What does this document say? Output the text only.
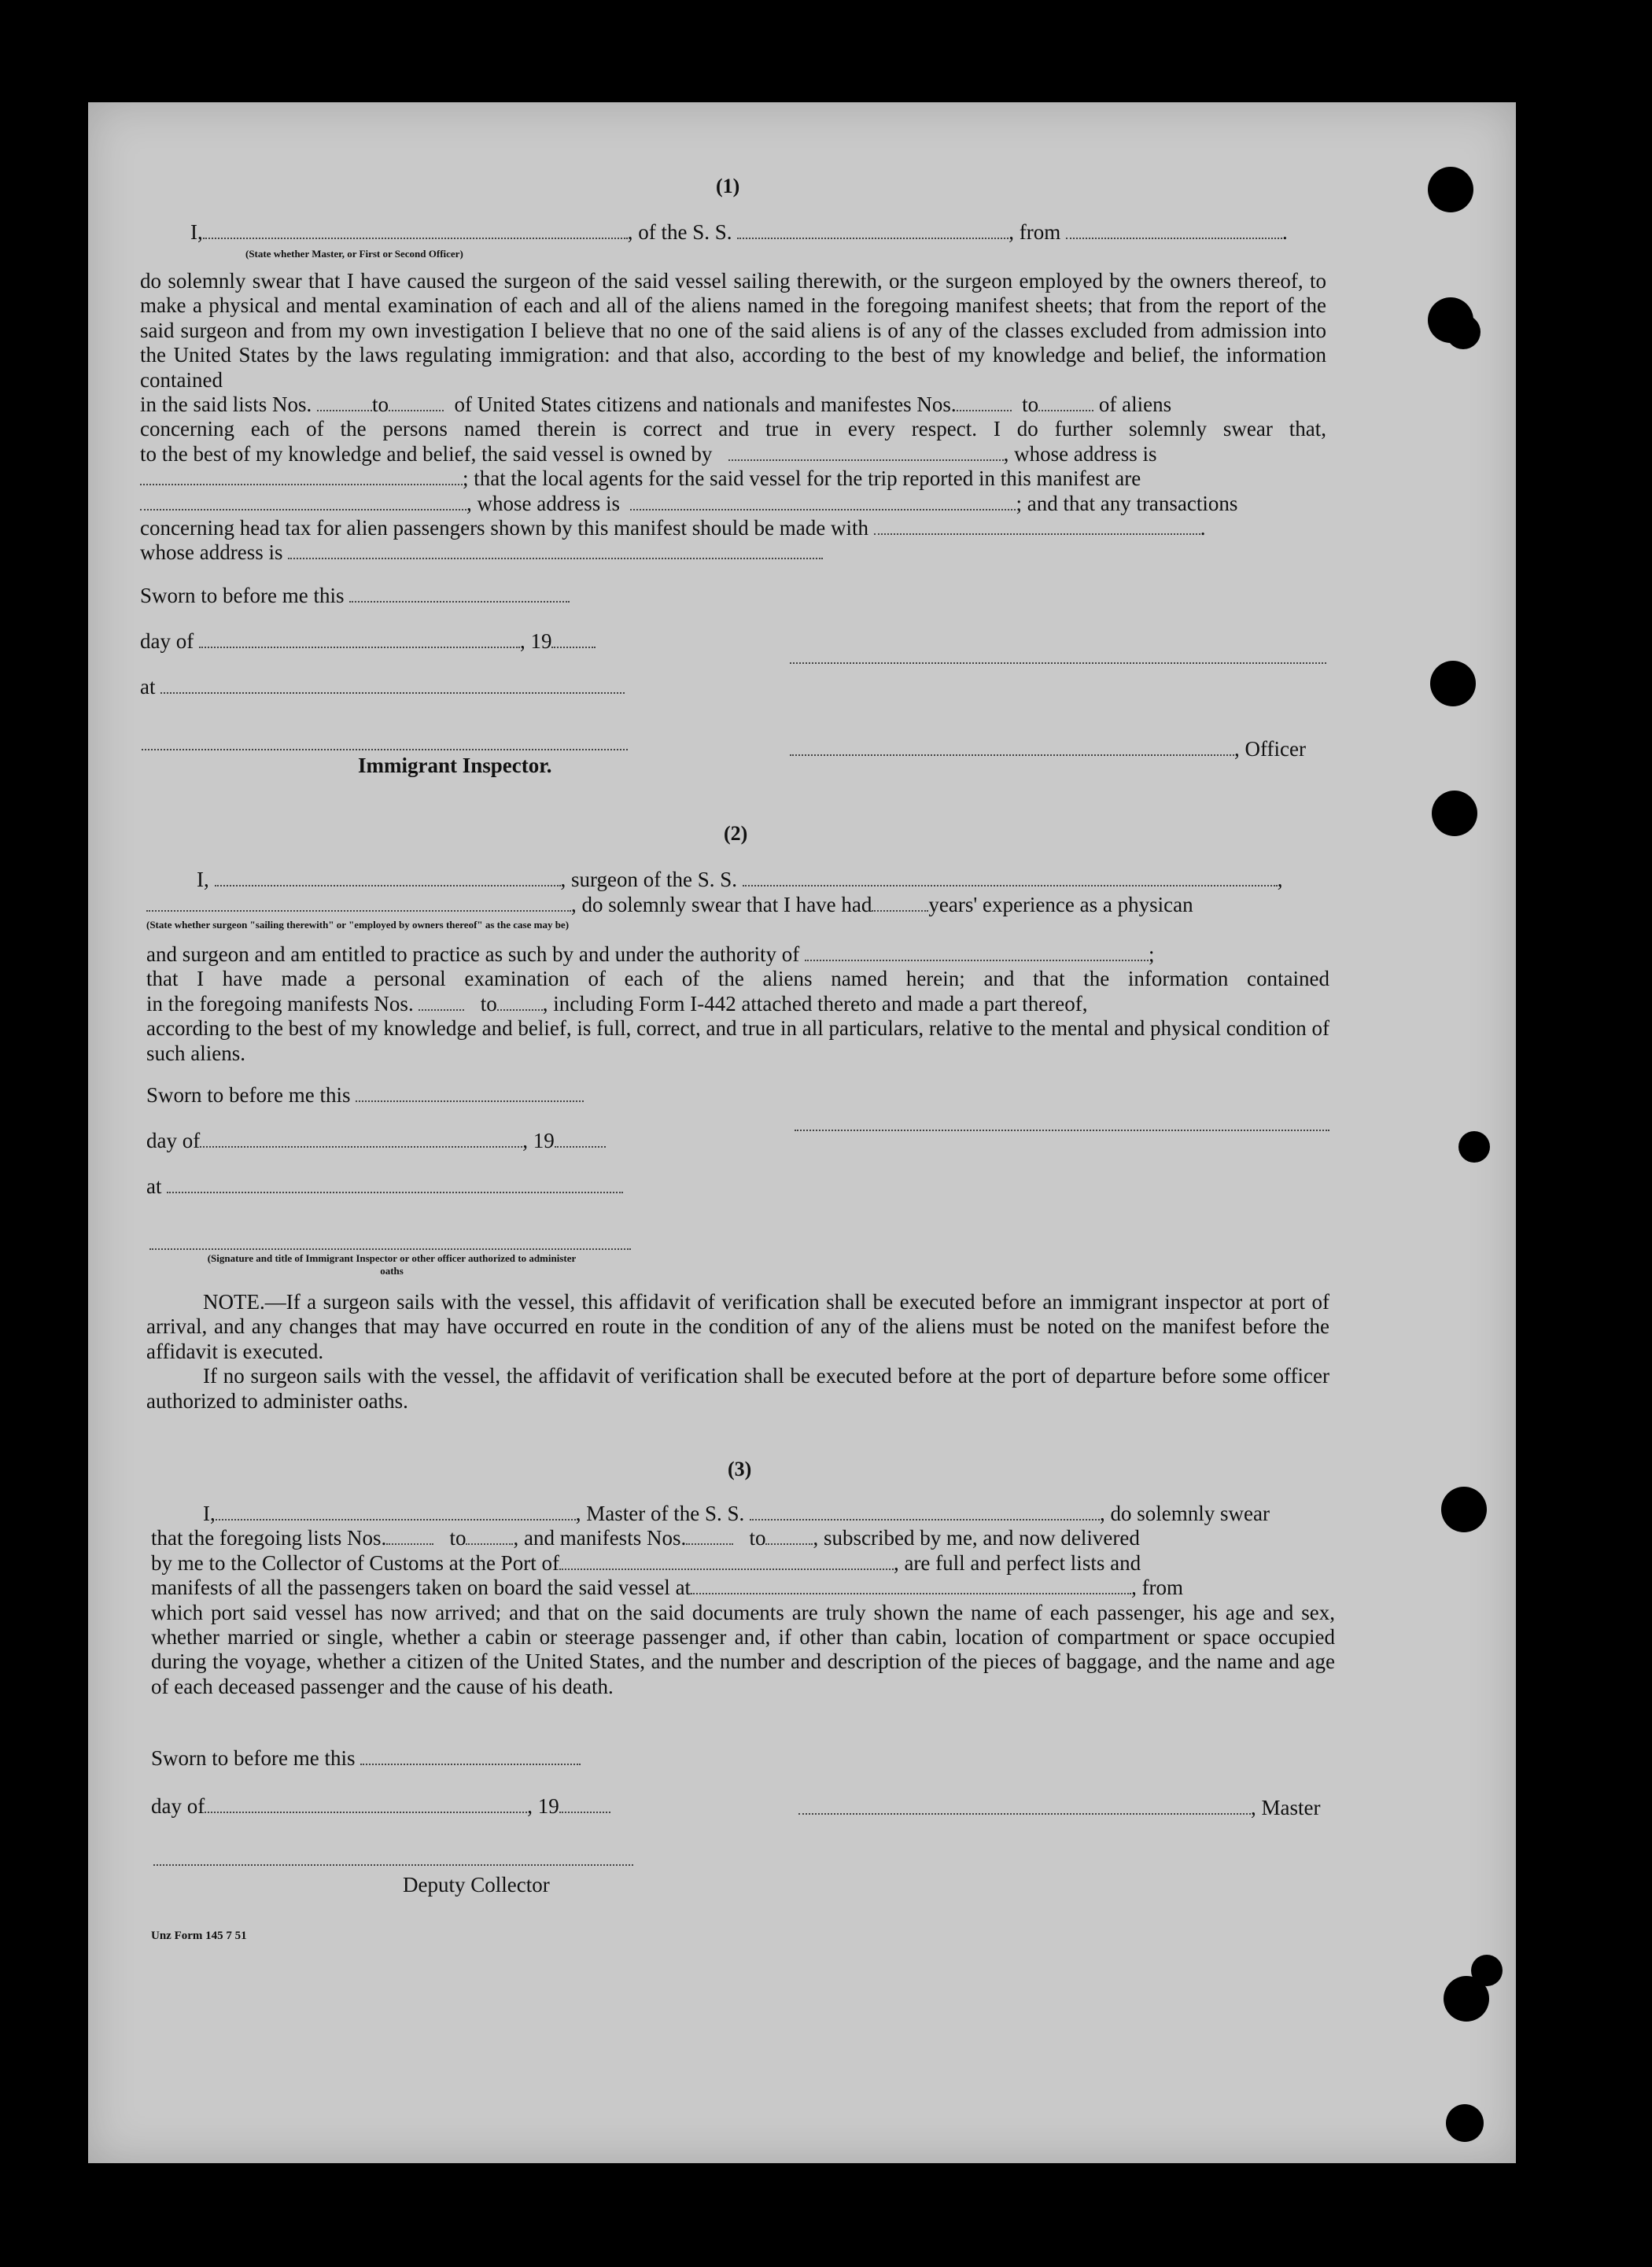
(1)
I,	, of the S. S.	, from	.
(State whether Master, or First or Second Officer)

do solemnly swear that I have caused the surgeon of the said vessel sailing therewith, or the surgeon employed by the owners thereof, to make a physical and mental examination of each and all of the aliens named in the foregoing manifest sheets; that from the report of the said surgeon and from my own investigation I believe that no one of the said aliens is of any of the classes excluded from admission into the United States by the laws regulating immigration: and that also, according to the best of my knowledge and belief, the information contained

in the said lists Nos.	to	of United States citizens and nationals and manifestes Nos.	to	of aliens

concerning each of the persons named therein is correct and true in every respect. I do further solemnly swear that,

to the best of my knowledge and belief, the said vessel is owned by	, whose address is
; that the local agents for the said vessel for the trip reported in this manifest are
, whose address is	; and that any transactions
concerning head tax for alien passengers shown by this manifest should be made with	.
whose address is
Sworn to before me this
day of	, 19
at
, Officer
Immigrant Inspector.
(2)
I,	, surgeon of the S. S.	,
, do solemnly swear that I have had	years' experience as a physican
(State whether surgeon "sailing therewith" or "employed by owners thereof" as the case may be)
and surgeon and am entitled to practice as such by and under the authority of	;

that I have made a personal examination of each of the aliens named herein; and that the information contained

in the foregoing manifests Nos.	to , including Form I-442 attached thereto and made a part thereof,

according to the best of my knowledge and belief, is full, correct, and true in all particulars, relative to the mental and physical condition of such aliens.

Sworn to before me this
day of	, 19
at
(Signature and title of Immigrant Inspector or other officer authorized to administer oaths

NOTE.—If a surgeon sails with the vessel, this affidavit of verification shall be executed before an immigrant inspector at port of arrival, and any changes that may have occurred en route in the condition of any of the aliens must be noted on the manifest before the affidavit is executed.

If no surgeon sails with the vessel, the affidavit of verification shall be executed before at the port of departure before some officer authorized to administer oaths.

(3)
I,	, Master of the S. S.	, do solemnly swear
that the foregoing lists Nos.	to , and manifests Nos.	to , subscribed by me, and now delivered
by me to the Collector of Customs at the Port of	, are full and perfect lists and
manifests of all the passengers taken on board the said vessel at	, from

which port said vessel has now arrived; and that on the said documents are truly shown the name of each passenger, his age and sex, whether married or single, whether a cabin or steerage passenger and, if other than cabin, location of compartment or space occupied during the voyage, whether a citizen of the United States, and the number and description of the pieces of baggage, and the name and age of each deceased passenger and the cause of his death.

Sworn to before me this
day of	, 19	, Master
Deputy Collector
Unz Form 145 7 51
